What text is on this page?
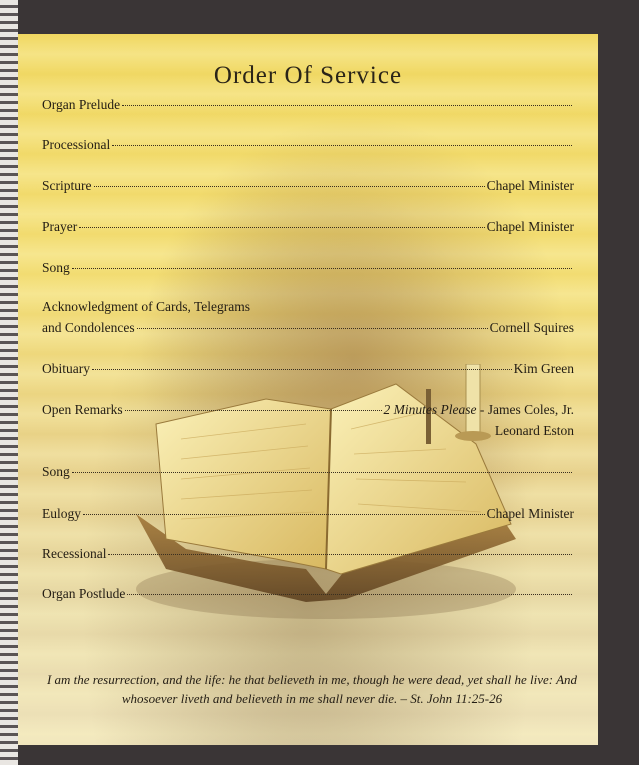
Order Of Service
Organ Prelude
Processional
Scripture	Chapel Minister
Prayer	Chapel Minister
Song
Acknowledgment of Cards, Telegrams
and Condolences	Cornell Squires
Obituary	Kim Green
Open Remarks	2 Minutes Please - James Coles, Jr.
Leonard Eston
Song
Eulogy	Chapel Minister
Recessional
Organ Postlude
I am the resurrection, and the life: he that believeth in me, though he were dead, yet shall he live: And whosoever liveth and believeth in me shall never die. – St. John 11:25-26
